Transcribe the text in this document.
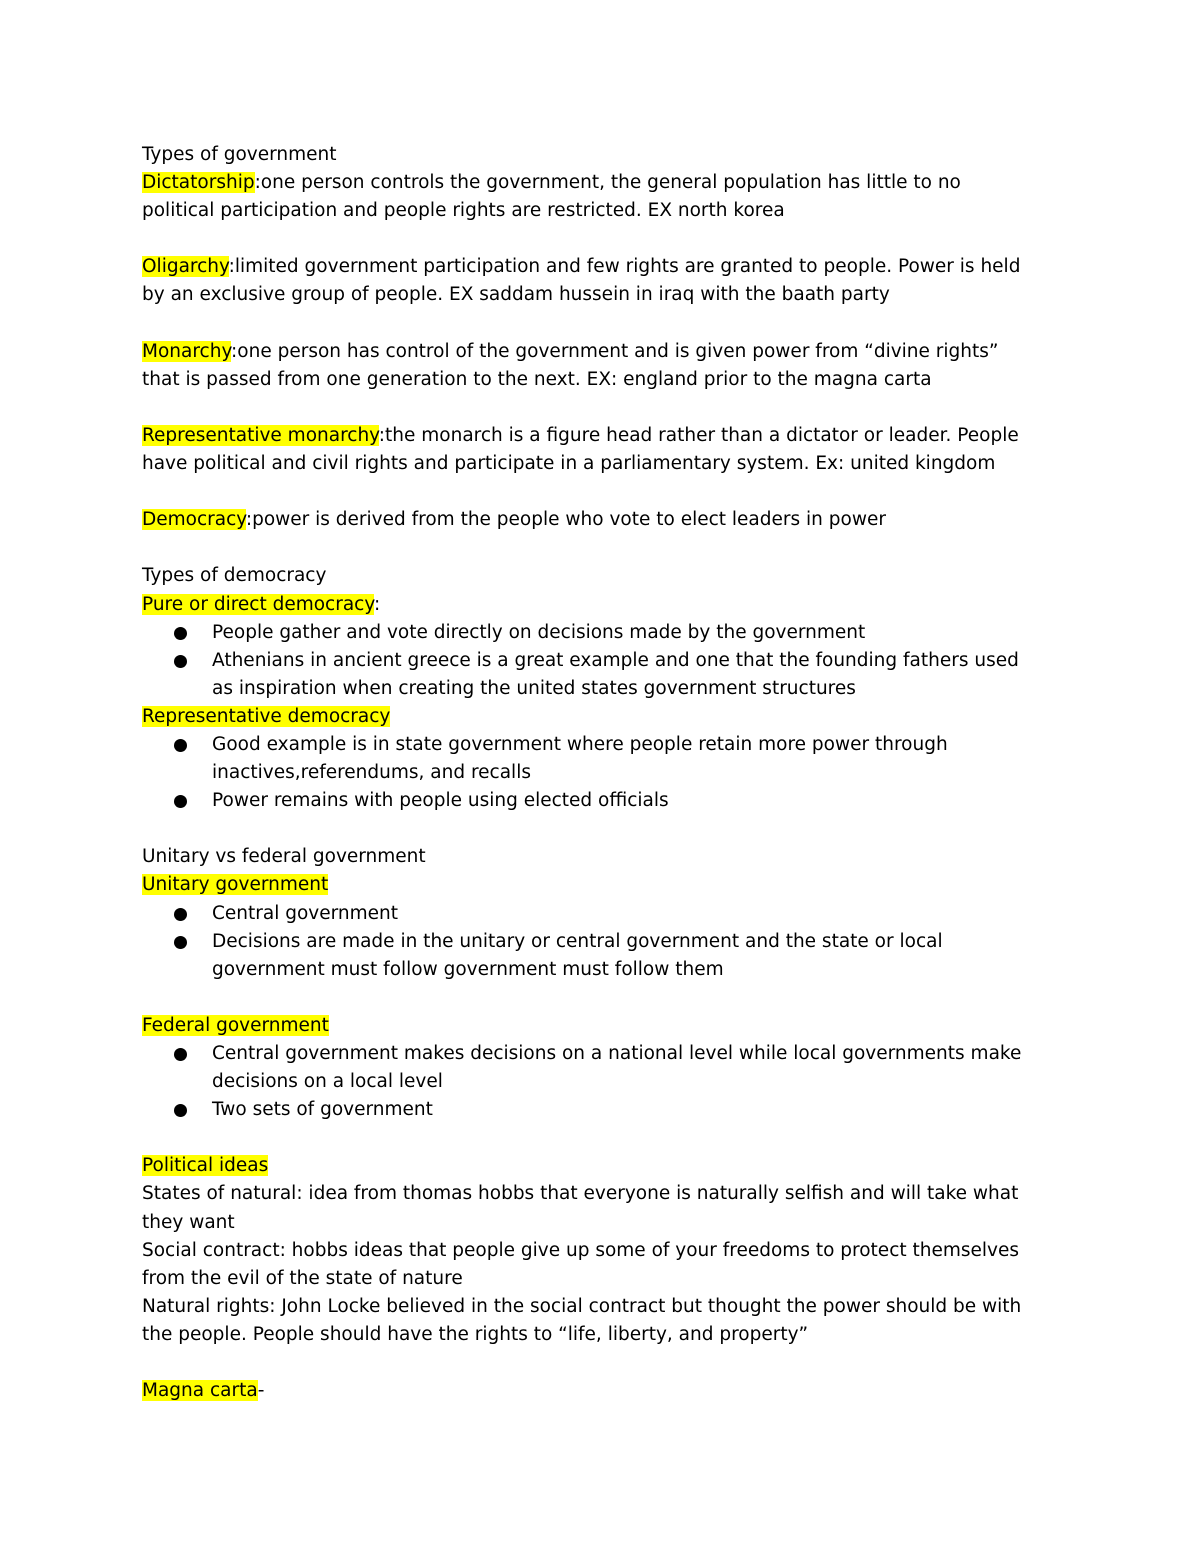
Types of government
Dictatorship:one person controls the government, the general population has little to no
political participation and people rights are restricted. EX north korea
Oligarchy:limited government participation and few rights are granted to people. Power is held
by an exclusive group of people. EX saddam hussein in iraq with the baath party
Monarchy:one person has control of the government and is given power from “divine rights”
that is passed from one generation to the next. EX: england prior to the magna carta
Representative monarchy:the monarch is a figure head rather than a dictator or leader. People
have political and civil rights and participate in a parliamentary system. Ex: united kingdom
Democracy:power is derived from the people who vote to elect leaders in power
Types of democracy
Pure or direct democracy:
People gather and vote directly on decisions made by the government
Athenians in ancient greece is a great example and one that the founding fathers used
as inspiration when creating the united states government structures
Representative democracy
Good example is in state government where people retain more power through
inactives,referendums, and recalls
Power remains with people using elected officials
Unitary vs federal government
Unitary government
Central government
Decisions are made in the unitary or central government and the state or local
government must follow government must follow them
Federal government
Central government makes decisions on a national level while local governments make
decisions on a local level
Two sets of government
Political ideas
States of natural: idea from thomas hobbs that everyone is naturally selfish and will take what
they want
Social contract: hobbs ideas that people give up some of your freedoms to protect themselves
from the evil of the state of nature
Natural rights: John Locke believed in the social contract but thought the power should be with
the people. People should have the rights to “life, liberty, and property”
Magna carta-
